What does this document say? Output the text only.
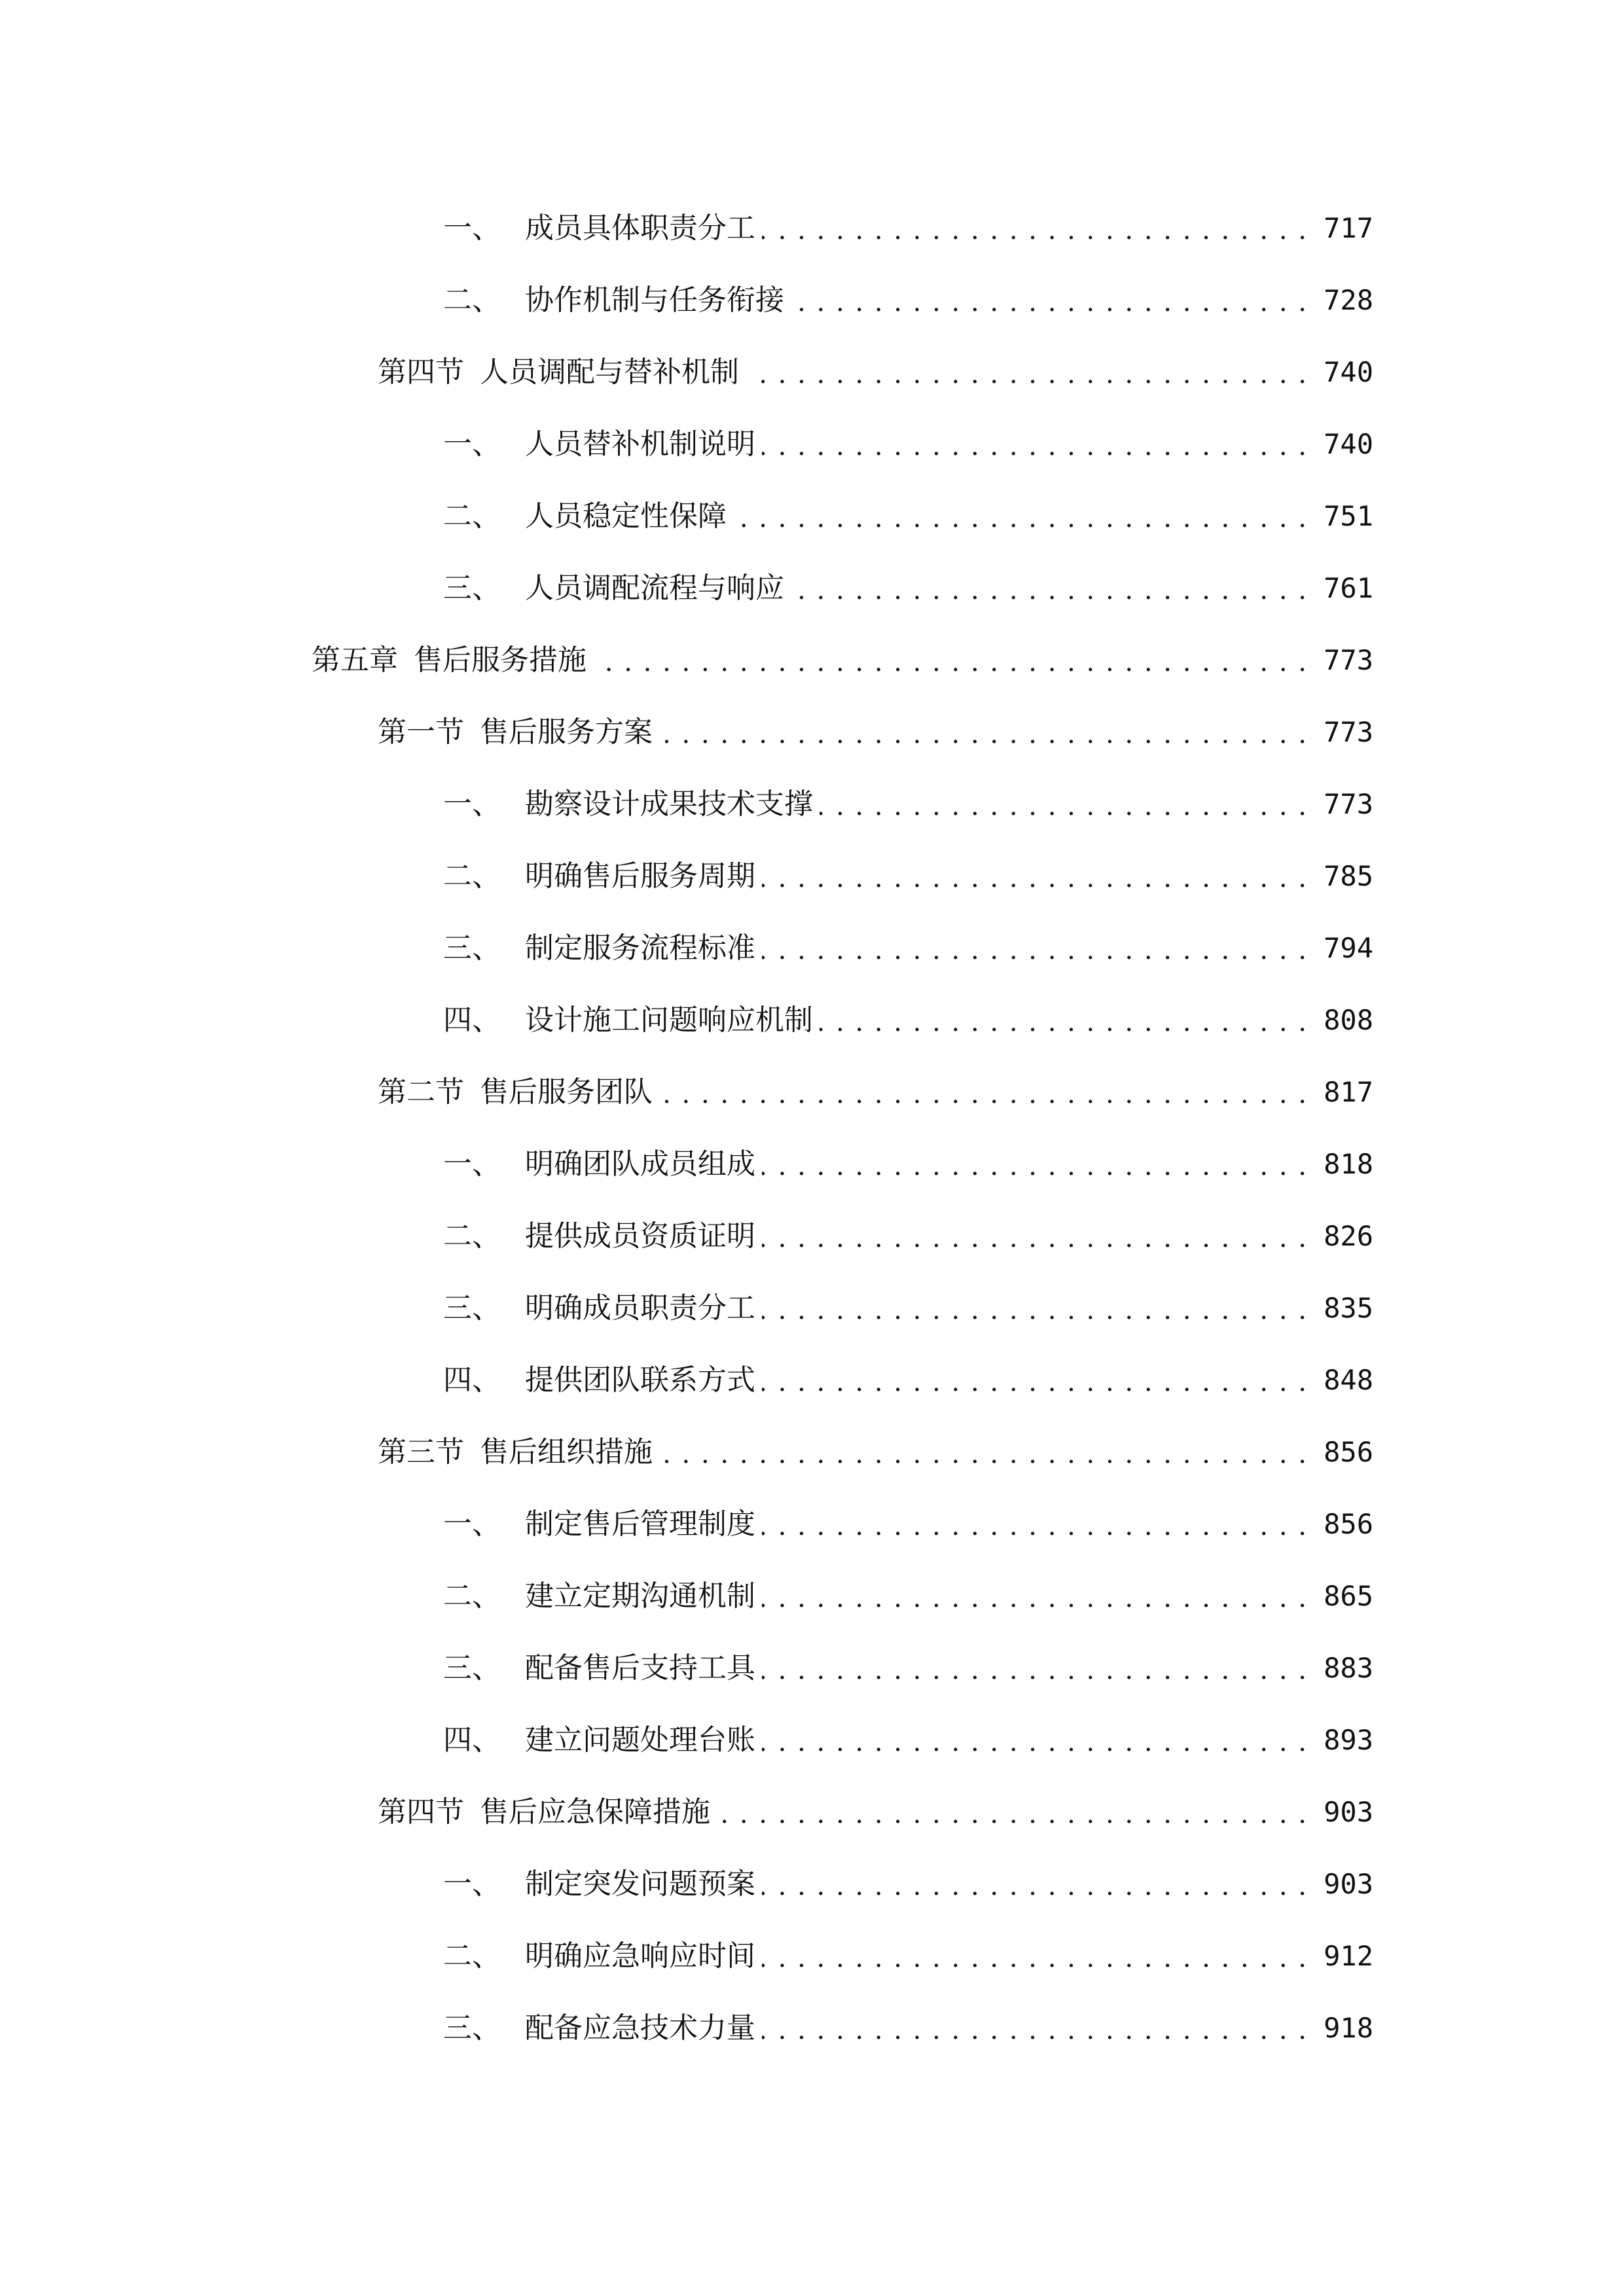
一、 成员具体职责分工 . . .	717
二、 协作机制与任务衔接 . . .	728
第四节 人员调配与替补机制 . . .	740
一、 人员替补机制说明 . . .	740
二、 人员稳定性保障 . . .	751
三、 人员调配流程与响应 . . .	761
第五章 售后服务措施 . . .	773
第一节 售后服务方案 . . .	773
一、 勘察设计成果技术支撑 . . .	773
二、 明确售后服务周期 . . .	785
三、 制定服务流程标准 . . .	794
四、 设计施工问题响应机制 . . .	808
第二节 售后服务团队 . . .	817
一、 明确团队成员组成 . . .	818
二、 提供成员资质证明 . . .	826
三、 明确成员职责分工 . . .	835
四、 提供团队联系方式 . . .	848
第三节 售后组织措施 . . .	856
一、 制定售后管理制度 . . .	856
二、 建立定期沟通机制 . . .	865
三、 配备售后支持工具 . . .	883
四、 建立问题处理台账 . . .	893
第四节 售后应急保障措施 . . .	903
一、 制定突发问题预案 . . .	903
二、 明确应急响应时间 . . .	912
三、 配备应急技术力量 . . .	918
